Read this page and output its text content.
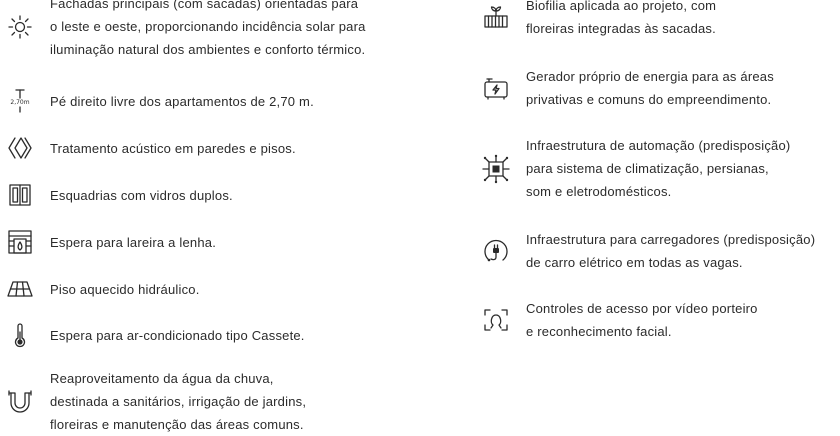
Fachadas principais (com sacadas) orientadas para
o leste e oeste, proporcionando incidência solar para
iluminação natural dos ambientes e conforto térmico.
2,70m Pé direito livre dos apartamentos de 2,70 m.
Tratamento acústico em paredes e pisos.
Esquadrias com vidros duplos.
Espera para lareira a lenha.
Piso aquecido hidráulico.
Espera para ar-condicionado tipo Cassete.
Reaproveitamento da água da chuva,
destinada a sanitários, irrigação de jardins,
floreiras e manutenção das áreas comuns.
Biofilia aplicada ao projeto, com
floreiras integradas às sacadas.
Gerador próprio de energia para as áreas
privativas e comuns do empreendimento.
Infraestrutura de automação (predisposição)
para sistema de climatização, persianas,
som e eletrodomésticos.
Infraestrutura para carregadores (predisposição)
de carro elétrico em todas as vagas.
Controles de acesso por vídeo porteiro
e reconhecimento facial.
